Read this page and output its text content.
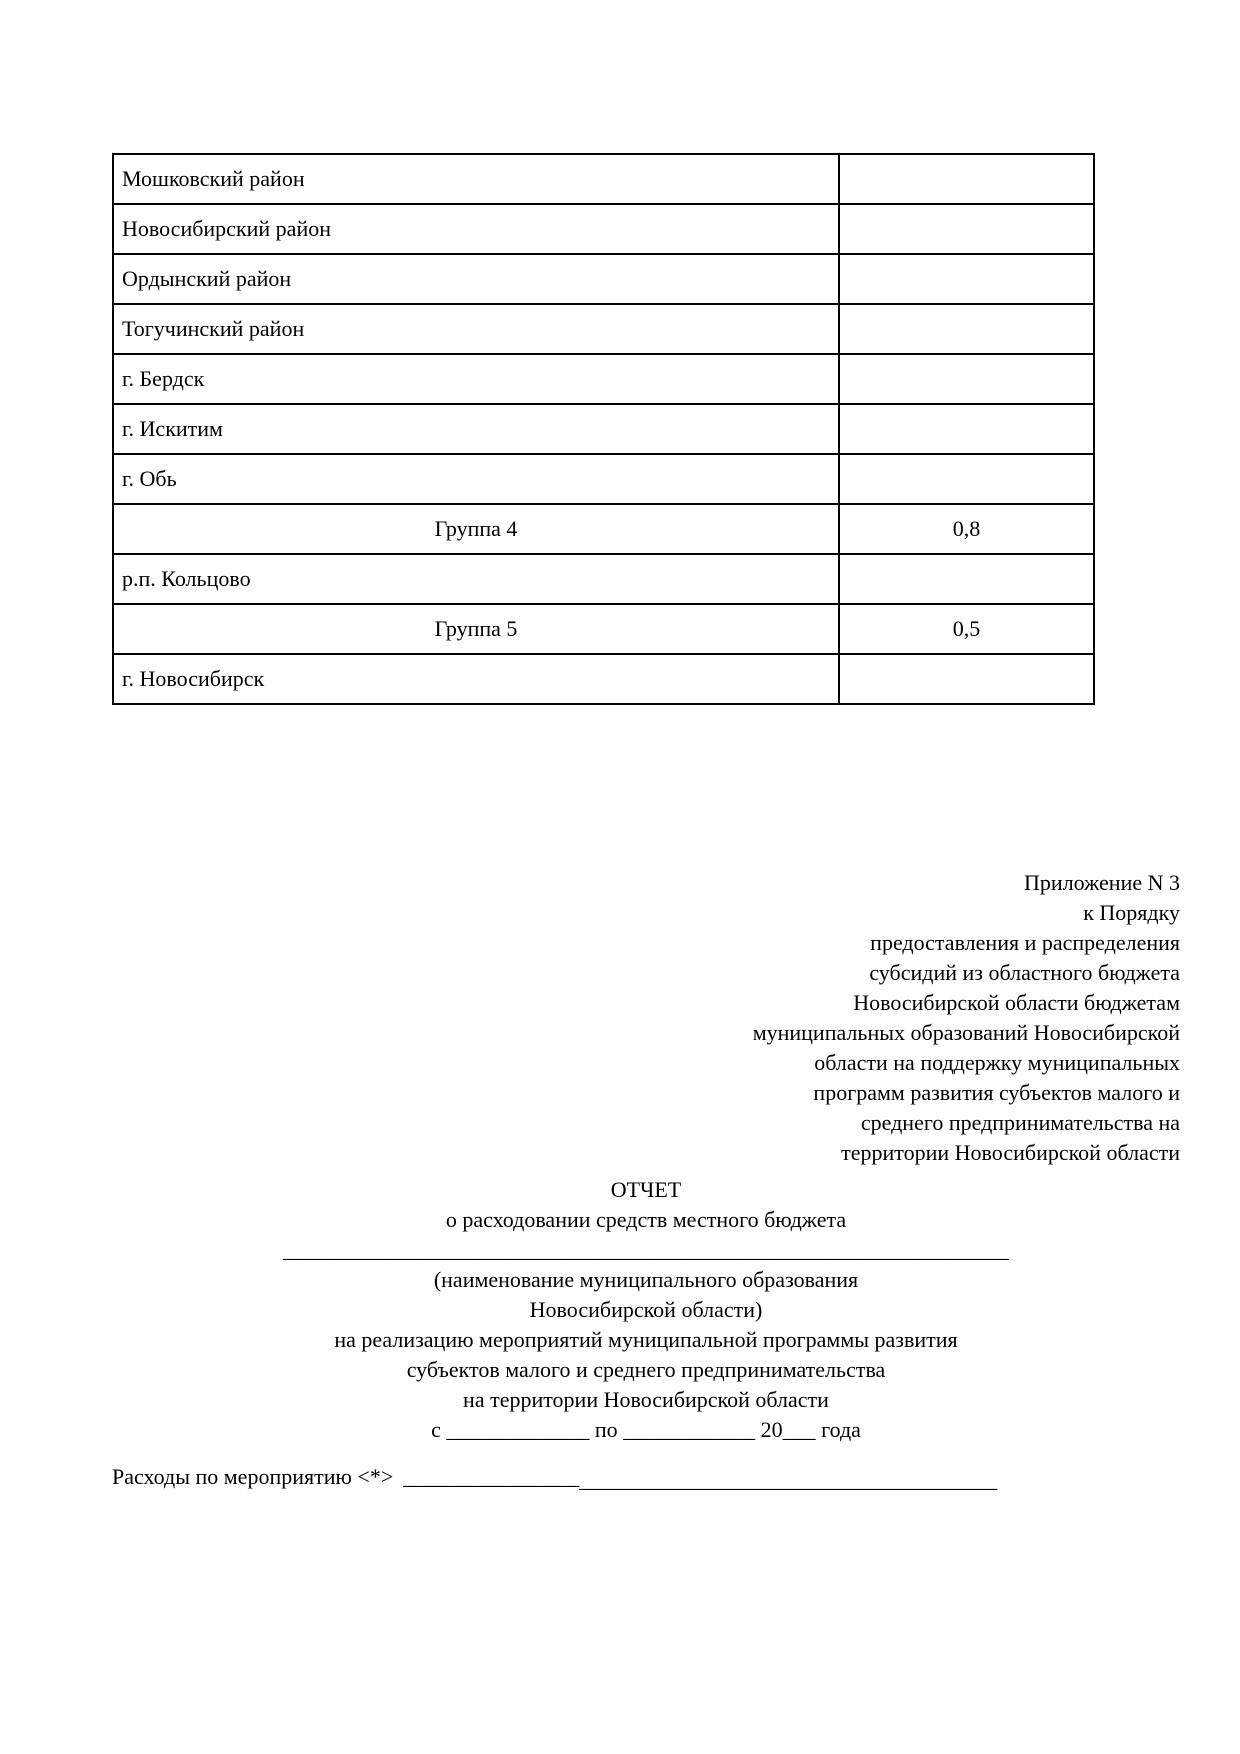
Мошковский район	
Новосибирский район	
Ордынский район	
Тогучинский район	
г. Бердск	
г. Искитим	
г. Обь	
Группа 4	0,8
р.п. Кольцово	
Группа 5	0,5
г. Новосибирск	
Приложение N 3
к Порядку
предоставления и распределения
субсидий из областного бюджета
Новосибирской области бюджетам
муниципальных образований Новосибирской
области на поддержку муниципальных
программ развития субъектов малого и
среднего предпринимательства на
территории Новосибирской области
ОТЧЕТ
о расходовании средств местного бюджета
__________________________________________________________________
(наименование муниципального образования
Новосибирской области)
на реализацию мероприятий муниципальной программы развития
субъектов малого и среднего предпринимательства
на территории Новосибирской области
с _____________ по ____________ 20___ года
Расходы по мероприятию <*> ______________________________________________________
